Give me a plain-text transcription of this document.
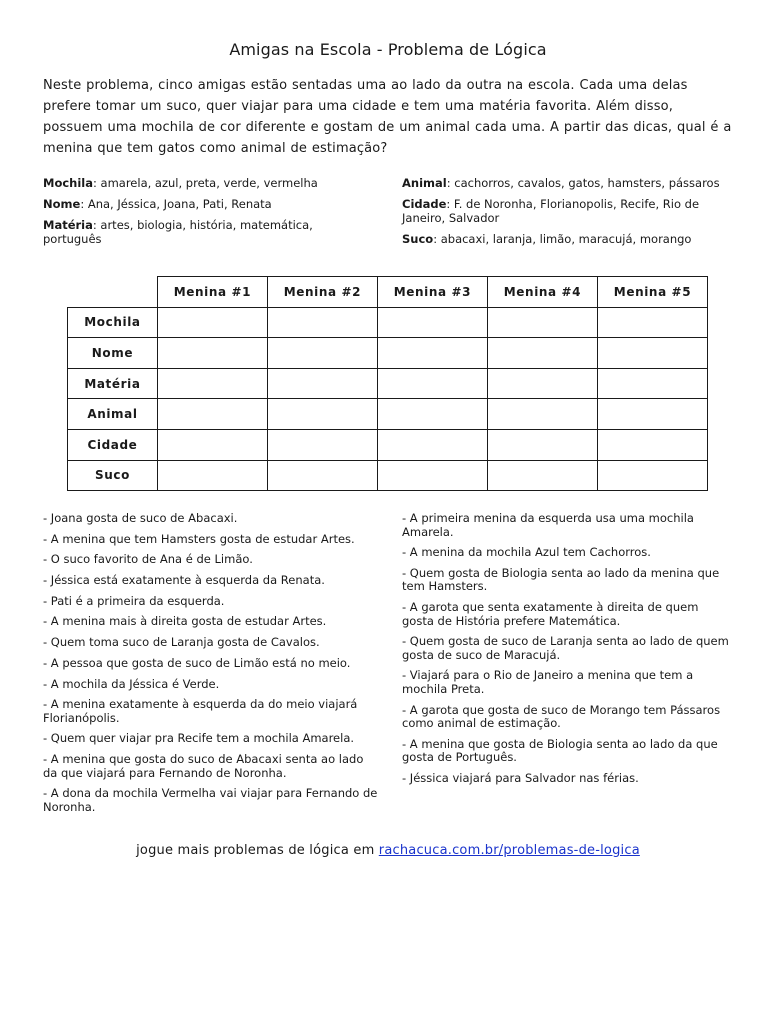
Amigas na Escola - Problema de Lógica
Neste problema, cinco amigas estão sentadas uma ao lado da outra na escola. Cada uma delas prefere tomar um suco, quer viajar para uma cidade e tem uma matéria favorita. Além disso, possuem uma mochila de cor diferente e gostam de um animal cada uma. A partir das dicas, qual é a menina que tem gatos como animal de estimação?
Mochila: amarela, azul, preta, verde, vermelha
Nome: Ana, Jéssica, Joana, Pati, Renata
Matéria: artes, biologia, história, matemática, português
Animal: cachorros, cavalos, gatos, hamsters, pássaros
Cidade: F. de Noronha, Florianopolis, Recife, Rio de Janeiro, Salvador
Suco: abacaxi, laranja, limão, maracujá, morango
	Menina #1	Menina #2	Menina #3	Menina #4	Menina #5
Mochila					
Nome					
Matéria					
Animal					
Cidade					
Suco					
- Joana gosta de suco de Abacaxi.
- A menina que tem Hamsters gosta de estudar Artes.
- O suco favorito de Ana é de Limão.
- Jéssica está exatamente à esquerda da Renata.
- Pati é a primeira da esquerda.
- A menina mais à direita gosta de estudar Artes.
- Quem toma suco de Laranja gosta de Cavalos.
- A pessoa que gosta de suco de Limão está no meio.
- A mochila da Jéssica é Verde.
- A menina exatamente à esquerda da do meio viajará Florianópolis.
- Quem quer viajar pra Recife tem a mochila Amarela.
- A menina que gosta do suco de Abacaxi senta ao lado da que viajará para Fernando de Noronha.
- A dona da mochila Vermelha vai viajar para Fernando de Noronha.
- A primeira menina da esquerda usa uma mochila Amarela.
- A menina da mochila Azul tem Cachorros.
- Quem gosta de Biologia senta ao lado da menina que tem Hamsters.
- A garota que senta exatamente à direita de quem gosta de História prefere Matemática.
- Quem gosta de suco de Laranja senta ao lado de quem gosta de suco de Maracujá.
- Viajará para o Rio de Janeiro a menina que tem a mochila Preta.
- A garota que gosta de suco de Morango tem Pássaros como animal de estimação.
- A menina que gosta de Biologia senta ao lado da que gosta de Português.
- Jéssica viajará para Salvador nas férias.
jogue mais problemas de lógica em rachacuca.com.br/problemas-de-logica
